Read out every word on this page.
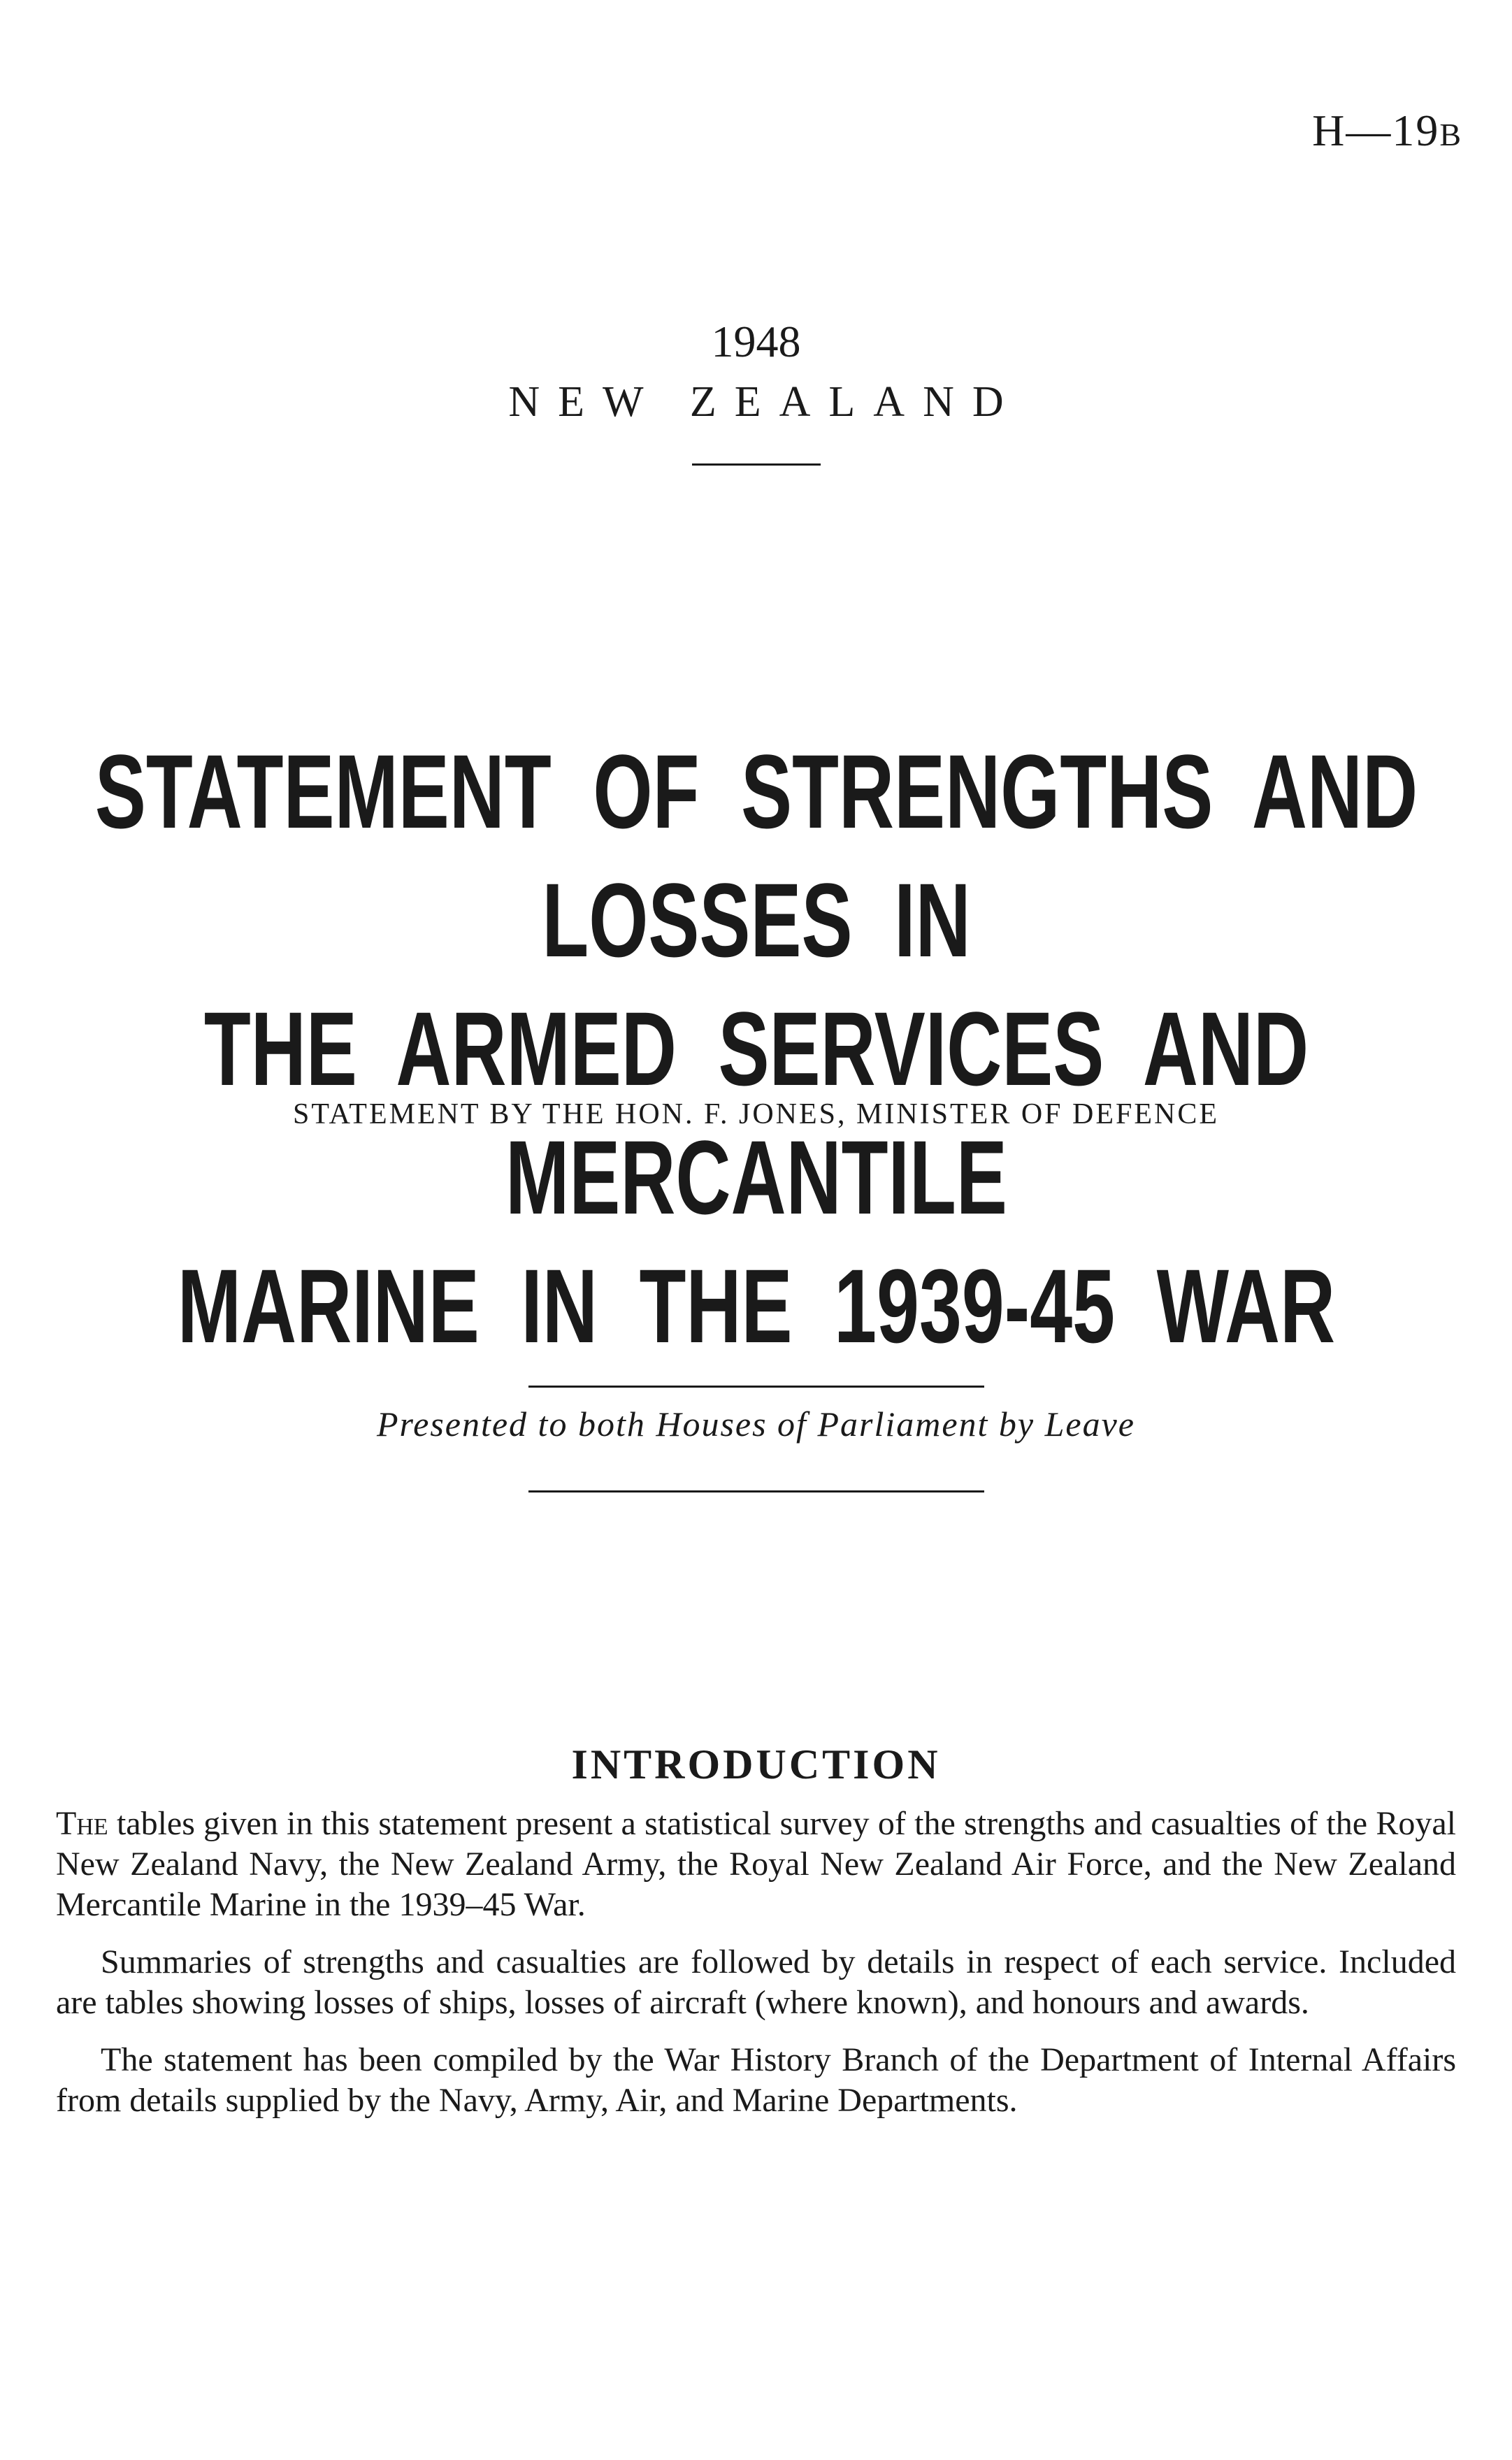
H—19B
1948
NEW ZEALAND
STATEMENT OF STRENGTHS AND LOSSES IN
THE ARMED SERVICES AND MERCANTILE
MARINE IN THE 1939-45 WAR
STATEMENT BY THE HON. F. JONES, MINISTER OF DEFENCE
Presented to both Houses of Parliament by Leave
INTRODUCTION

The tables given in this statement present a statistical survey of the strengths and casualties of the Royal New Zealand Navy, the New Zealand Army, the Royal New Zealand Air Force, and the New Zealand Mercantile Marine in the 1939–45 War.

Summaries of strengths and casualties are followed by details in respect of each service. Included are tables showing losses of ships, losses of aircraft (where known), and honours and awards.

The statement has been compiled by the War History Branch of the Department of Internal Affairs from details supplied by the Navy, Army, Air, and Marine Departments.
